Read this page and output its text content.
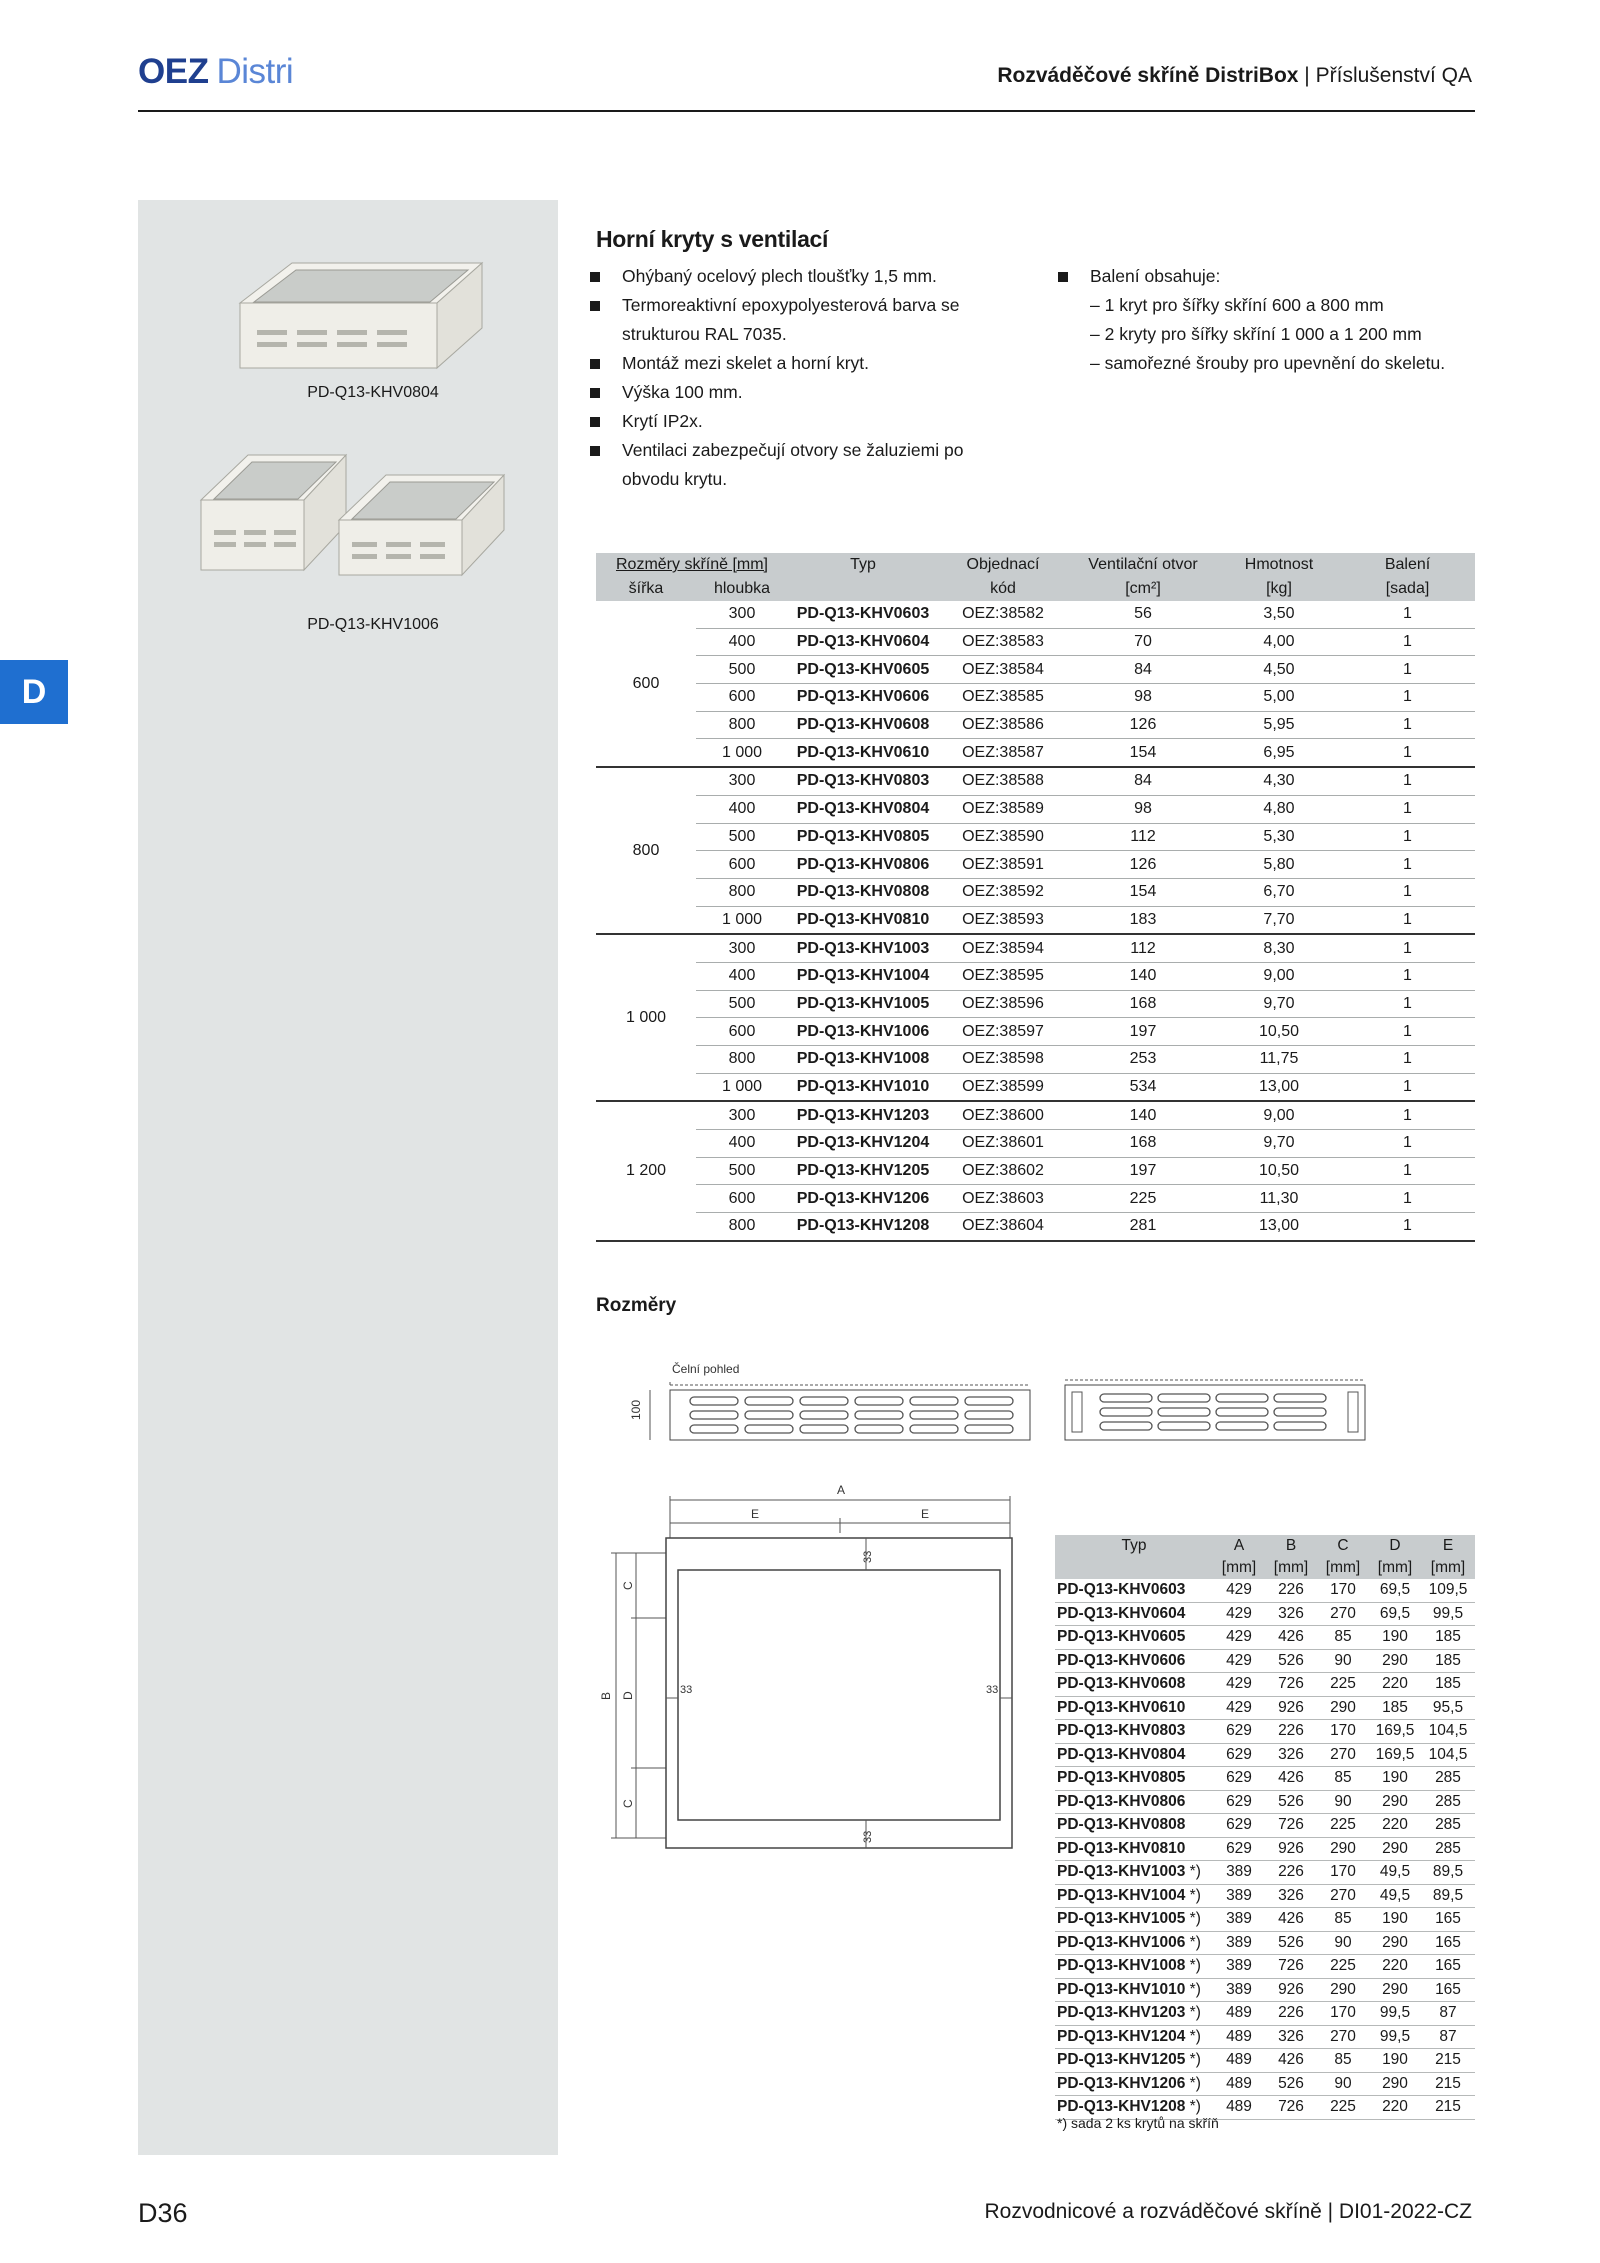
OEZ Distri	Rozváděčové skříně DistriBox | Příslušenství QA
D
PD-Q13-KHV0804
PD-Q13-KHV1006
Horní kryty s ventilací
Ohýbaný ocelový plech tloušťky 1,5 mm.
Termoreaktivní epoxypolyesterová barva se strukturou RAL 7035.
Montáž mezi skelet a horní kryt.
Výška 100 mm.
Krytí IP2x.
Ventilaci zabezpečují otvory se žaluziemi po obvodu krytu.
Balení obsahuje:
– 1 kryt pro šířky skříní 600 a 800 mm
– 2 kryty pro šířky skříní 1 000 a 1 200 mm
– samořezné šrouby pro upevnění do skeletu.
Rozměry skříně [mm]		Typ	Objednací	Ventilační otvor	Hmotnost	Balení
šířka	hloubka		kód	[cm²]	[kg]	[sada]
600	300	PD-Q13-KHV0603	OEZ:38582	56	3,50	1
	400	PD-Q13-KHV0604	OEZ:38583	70	4,00	1
	500	PD-Q13-KHV0605	OEZ:38584	84	4,50	1
	600	PD-Q13-KHV0606	OEZ:38585	98	5,00	1
	800	PD-Q13-KHV0608	OEZ:38586	126	5,95	1
	1 000	PD-Q13-KHV0610	OEZ:38587	154	6,95	1
800	300	PD-Q13-KHV0803	OEZ:38588	84	4,30	1
	400	PD-Q13-KHV0804	OEZ:38589	98	4,80	1
	500	PD-Q13-KHV0805	OEZ:38590	112	5,30	1
	600	PD-Q13-KHV0806	OEZ:38591	126	5,80	1
	800	PD-Q13-KHV0808	OEZ:38592	154	6,70	1
	1 000	PD-Q13-KHV0810	OEZ:38593	183	7,70	1
1 000	300	PD-Q13-KHV1003	OEZ:38594	112	8,30	1
	400	PD-Q13-KHV1004	OEZ:38595	140	9,00	1
	500	PD-Q13-KHV1005	OEZ:38596	168	9,70	1
	600	PD-Q13-KHV1006	OEZ:38597	197	10,50	1
	800	PD-Q13-KHV1008	OEZ:38598	253	11,75	1
	1 000	PD-Q13-KHV1010	OEZ:38599	534	13,00	1
1 200	300	PD-Q13-KHV1203	OEZ:38600	140	9,00	1
	400	PD-Q13-KHV1204	OEZ:38601	168	9,70	1
	500	PD-Q13-KHV1205	OEZ:38602	197	10,50	1
	600	PD-Q13-KHV1206	OEZ:38603	225	11,30	1
	800	PD-Q13-KHV1208	OEZ:38604	281	13,00	1
Rozměry
Čelní pohled
100
A
E	E
B
C
D
C
33
33
33	33
Typ	A	B	C	D	E
	[mm]	[mm]	[mm]	[mm]	[mm]
PD-Q13-KHV0603	429	226	170	69,5	109,5
PD-Q13-KHV0604	429	326	270	69,5	99,5
PD-Q13-KHV0605	429	426	85	190	185
PD-Q13-KHV0606	429	526	90	290	185
PD-Q13-KHV0608	429	726	225	220	185
PD-Q13-KHV0610	429	926	290	185	95,5
PD-Q13-KHV0803	629	226	170	169,5	104,5
PD-Q13-KHV0804	629	326	270	169,5	104,5
PD-Q13-KHV0805	629	426	85	190	285
PD-Q13-KHV0806	629	526	90	290	285
PD-Q13-KHV0808	629	726	225	220	285
PD-Q13-KHV0810	629	926	290	290	285
PD-Q13-KHV1003 *)	389	226	170	49,5	89,5
PD-Q13-KHV1004 *)	389	326	270	49,5	89,5
PD-Q13-KHV1005 *)	389	426	85	190	165
PD-Q13-KHV1006 *)	389	526	90	290	165
PD-Q13-KHV1008 *)	389	726	225	220	165
PD-Q13-KHV1010 *)	389	926	290	290	165
PD-Q13-KHV1203 *)	489	226	170	99,5	87
PD-Q13-KHV1204 *)	489	326	270	99,5	87
PD-Q13-KHV1205 *)	489	426	85	190	215
PD-Q13-KHV1206 *)	489	526	90	290	215
PD-Q13-KHV1208 *)	489	726	225	220	215
*) sada 2 ks krytů na skříň
D36	Rozvodnicové a rozváděčové skříně | DI01-2022-CZ
